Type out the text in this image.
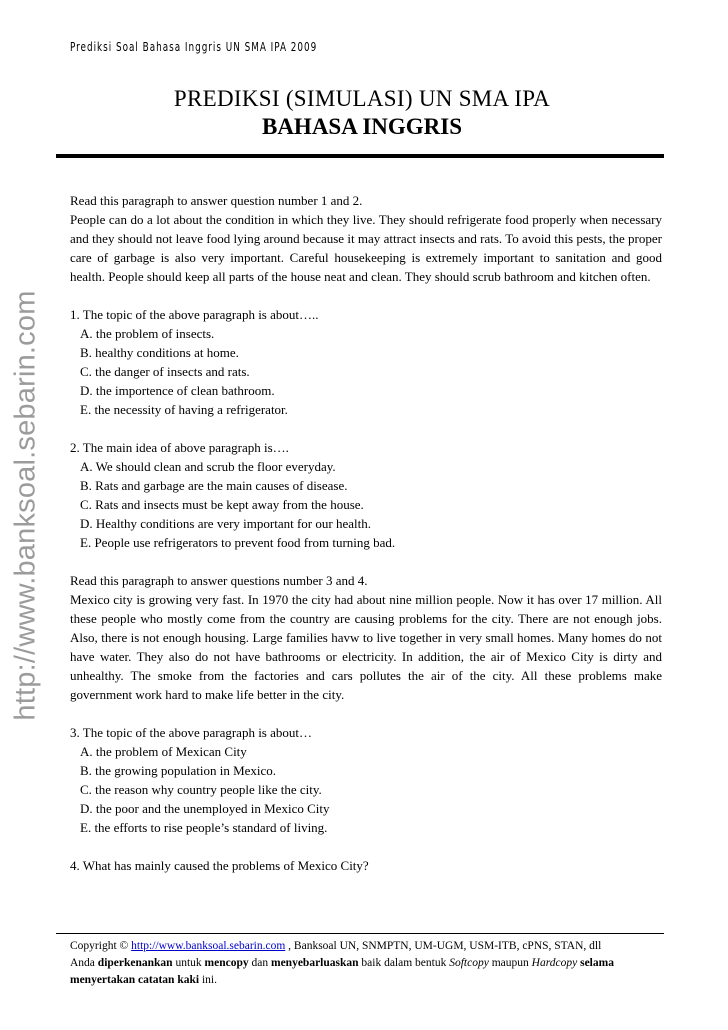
http://www.banksoal.sebarin.com
Prediksi Soal Bahasa Inggris UN SMA IPA 2009
PREDIKSI (SIMULASI) UN SMA IPA
BAHASA INGGRIS

Read this paragraph to answer question number 1 and 2.

People can do a lot about the condition in which they live. They should refrigerate food properly when necessary and they should not leave food lying around because it may attract insects and rats. To avoid this pests, the proper care of garbage is also very important. Careful housekeeping is extremely important to sanitation and good health. People should keep all parts of the house neat and clean. They should scrub bathroom and kitchen often.

1. The topic of the above paragraph is about…..

A. the problem of insects.

B. healthy conditions at home.

C. the danger of insects and rats.

D. the importence of clean bathroom.

E. the necessity of having a refrigerator.

2. The main idea of above paragraph is….

A. We should clean and scrub the floor everyday.

B. Rats and garbage are the main causes of disease.

C. Rats and insects must be kept away from the house.

D. Healthy conditions are very important for our health.

E. People use refrigerators to prevent food from turning bad.

Read this paragraph to answer questions number 3 and 4.

Mexico city is growing very fast. In 1970 the city had about nine million people. Now it has over 17 million. All these people who mostly come from the country are causing problems for the city. There are not enough jobs. Also, there is not enough housing. Large families havw to live together in very small homes. Many homes do not have water. They also do not have bathrooms or electricity. In addition, the air of Mexico City is dirty and unhealthy. The smoke from the factories and cars pollutes the air of the city. All these problems make government work hard to make life better in the city.

3. The topic of the above paragraph is about…

A. the problem of Mexican City

B. the growing population in Mexico.

C. the reason why country people like the city.

D. the poor and the unemployed in Mexico City

E. the efforts to rise people’s standard of living.

4. What has mainly caused the problems of Mexico City?

Copyright © http://www.banksoal.sebarin.com , Banksoal UN, SNMPTN, UM-UGM, USM-ITB, cPNS, STAN, dll
Anda diperkenankan untuk mencopy dan menyebarluaskan baik dalam bentuk Softcopy maupun Hardcopy selama menyertakan catatan kaki ini.
